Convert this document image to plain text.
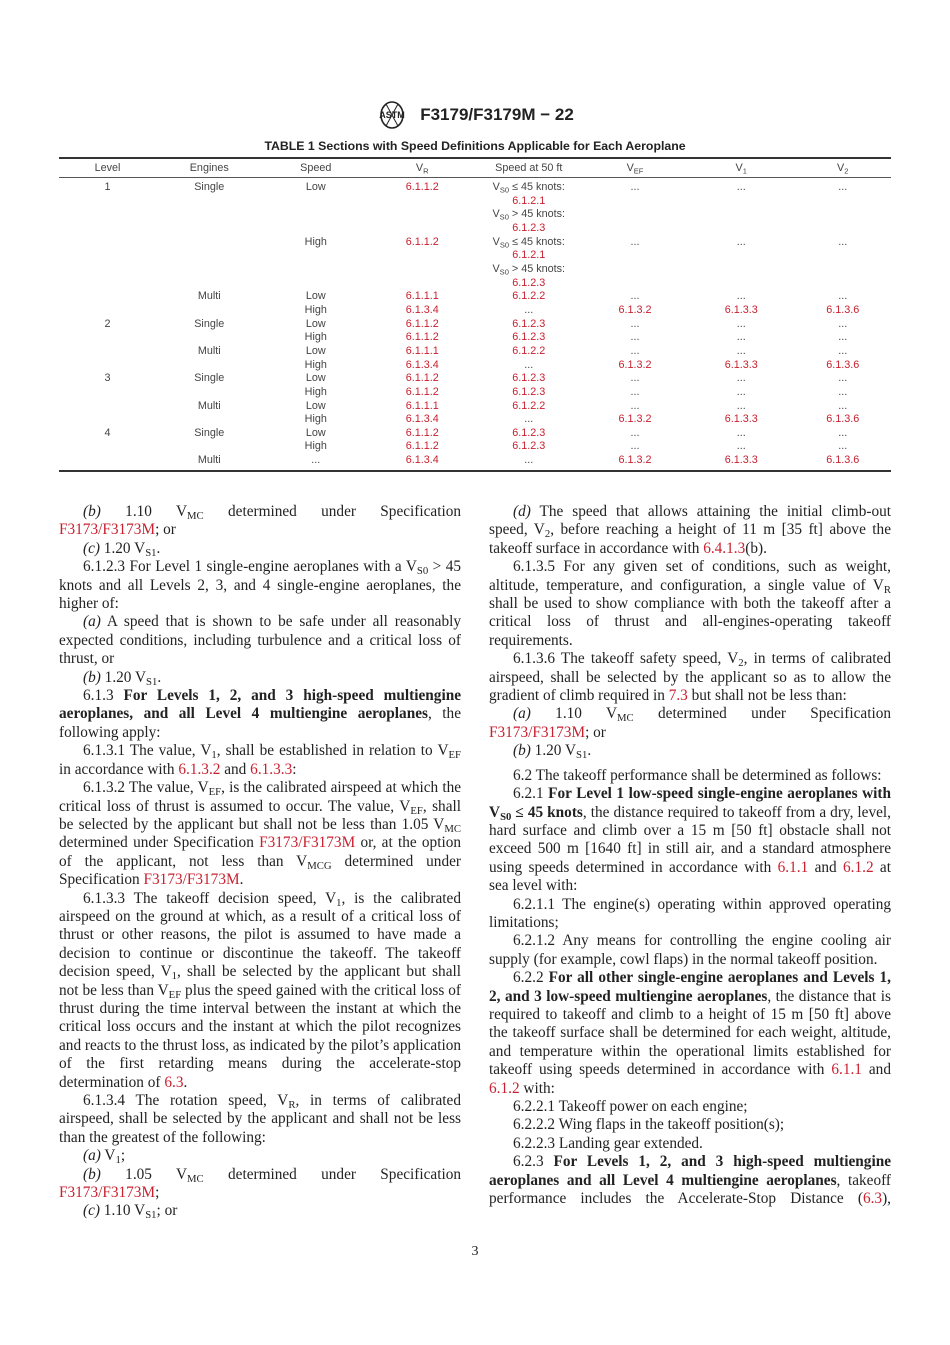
ASTM F3179/F3179M − 22
TABLE 1 Sections with Speed Definitions Applicable for Each Aeroplane
Level	Engines	Speed	$V_R$	Speed at 50 ft	$V_{EF}$	$V_1$	$V_2$
1	Single	Low	6.1.1.2	$V_{S0} \le 45$ knots:
6.1.2.1
$V_{S0} > 45$ knots:
6.1.2.3	...	...	...
		High	6.1.1.2	$V_{S0} \le 45$ knots:
6.1.2.1
$V_{S0} > 45$ knots:
6.1.2.3	...	...	...
	Multi	Low	6.1.1.1	6.1.2.2	...	...	...
		High	6.1.3.4	...	6.1.3.2	6.1.3.3	6.1.3.6
2	Single	Low	6.1.1.2	6.1.2.3	...	...	...
		High	6.1.1.2	6.1.2.3	...	...	...
	Multi	Low	6.1.1.1	6.1.2.2	...	...	...
		High	6.1.3.4	...	6.1.3.2	6.1.3.3	6.1.3.6
3	Single	Low	6.1.1.2	6.1.2.3	...	...	...
		High	6.1.1.2	6.1.2.3	...	...	...
	Multi	Low	6.1.1.1	6.1.2.2	...	...	...
		High	6.1.3.4	...	6.1.3.2	6.1.3.3	6.1.3.6
4	Single	Low	6.1.1.2	6.1.2.3	...	...	...
		High	6.1.1.2	6.1.2.3	...	...	...
	Multi	...	6.1.3.4	...	6.1.3.2	6.1.3.3	6.1.3.6

(b) 1.10 $V_{MC}$ determined under Specification F3173/F3173M; or

(c) 1.20 $V_{S1}$.

6.1.2.3 For Level 1 single-engine aeroplanes with a $V_{S0} > 45$ knots and all Levels 2, 3, and 4 single-engine aeroplanes, the higher of:

(a) A speed that is shown to be safe under all reasonably expected conditions, including turbulence and a critical loss of thrust, or

(b) 1.20 $V_{S1}$.

6.1.3 For Levels 1, 2, and 3 high-speed multiengine aeroplanes, and all Level 4 multiengine aeroplanes, the following apply:

6.1.3.1 The value, $V_1$, shall be established in relation to $V_{EF}$ in accordance with 6.1.3.2 and 6.1.3.3:

6.1.3.2 The value, $V_{EF}$, is the calibrated airspeed at which the critical loss of thrust is assumed to occur. The value, $V_{EF}$, shall be selected by the applicant but shall not be less than 1.05 $V_{MC}$ determined under Specification F3173/F3173M or, at the option of the applicant, not less than $V_{MCG}$ determined under Specification F3173/F3173M.

6.1.3.3 The takeoff decision speed, $V_1$, is the calibrated airspeed on the ground at which, as a result of a critical loss of thrust or other reasons, the pilot is assumed to have made a decision to continue or discontinue the takeoff. The takeoff decision speed, $V_1$, shall be selected by the applicant but shall not be less than $V_{EF}$ plus the speed gained with the critical loss of thrust during the time interval between the instant at which the critical loss occurs and the instant at which the pilot recognizes and reacts to the thrust loss, as indicated by the pilot’s application of the first retarding means during the accelerate-stop determination of 6.3.

6.1.3.4 The rotation speed, $V_R$, in terms of calibrated airspeed, shall be selected by the applicant and shall not be less than the greatest of the following:

(a) $V_1$;

(b) 1.05 $V_{MC}$ determined under Specification F3173/F3173M;

(c) 1.10 $V_{S1}$; or

(d) The speed that allows attaining the initial climb-out speed, $V_2$, before reaching a height of 11 m [35 ft] above the takeoff surface in accordance with 6.4.1.3(b).

6.1.3.5 For any given set of conditions, such as weight, altitude, temperature, and configuration, a single value of $V_R$ shall be used to show compliance with both the takeoff after a critical loss of thrust and all-engines-operating takeoff requirements.

6.1.3.6 The takeoff safety speed, $V_2$, in terms of calibrated airspeed, shall be selected by the applicant so as to allow the gradient of climb required in 7.3 but shall not be less than:

(a) 1.10 $V_{MC}$ determined under Specification F3173/F3173M; or

(b) 1.20 $V_{S1}$.

6.2 The takeoff performance shall be determined as follows:

6.2.1 For Level 1 low-speed single-engine aeroplanes with $V_{S0} \le 45$ knots, the distance required to takeoff from a dry, level, hard surface and climb over a 15 m [50 ft] obstacle shall not exceed 500 m [1640 ft] in still air, and a standard atmosphere using speeds determined in accordance with 6.1.1 and 6.1.2 at sea level with:

6.2.1.1 The engine(s) operating within approved operating limitations;

6.2.1.2 Any means for controlling the engine cooling air supply (for example, cowl flaps) in the normal takeoff position.

6.2.2 For all other single-engine aeroplanes and Levels 1, 2, and 3 low-speed multiengine aeroplanes, the distance that is required to takeoff and climb to a height of 15 m [50 ft] above the takeoff surface shall be determined for each weight, altitude, and temperature within the operational limits established for takeoff using speeds determined in accordance with 6.1.1 and 6.1.2 with:

6.2.2.1 Takeoff power on each engine;

6.2.2.2 Wing flaps in the takeoff position(s);

6.2.2.3 Landing gear extended.

6.2.3 For Levels 1, 2, and 3 high-speed multiengine aeroplanes and all Level 4 multiengine aeroplanes, takeoff performance includes the Accelerate-Stop Distance (6.3),

3
